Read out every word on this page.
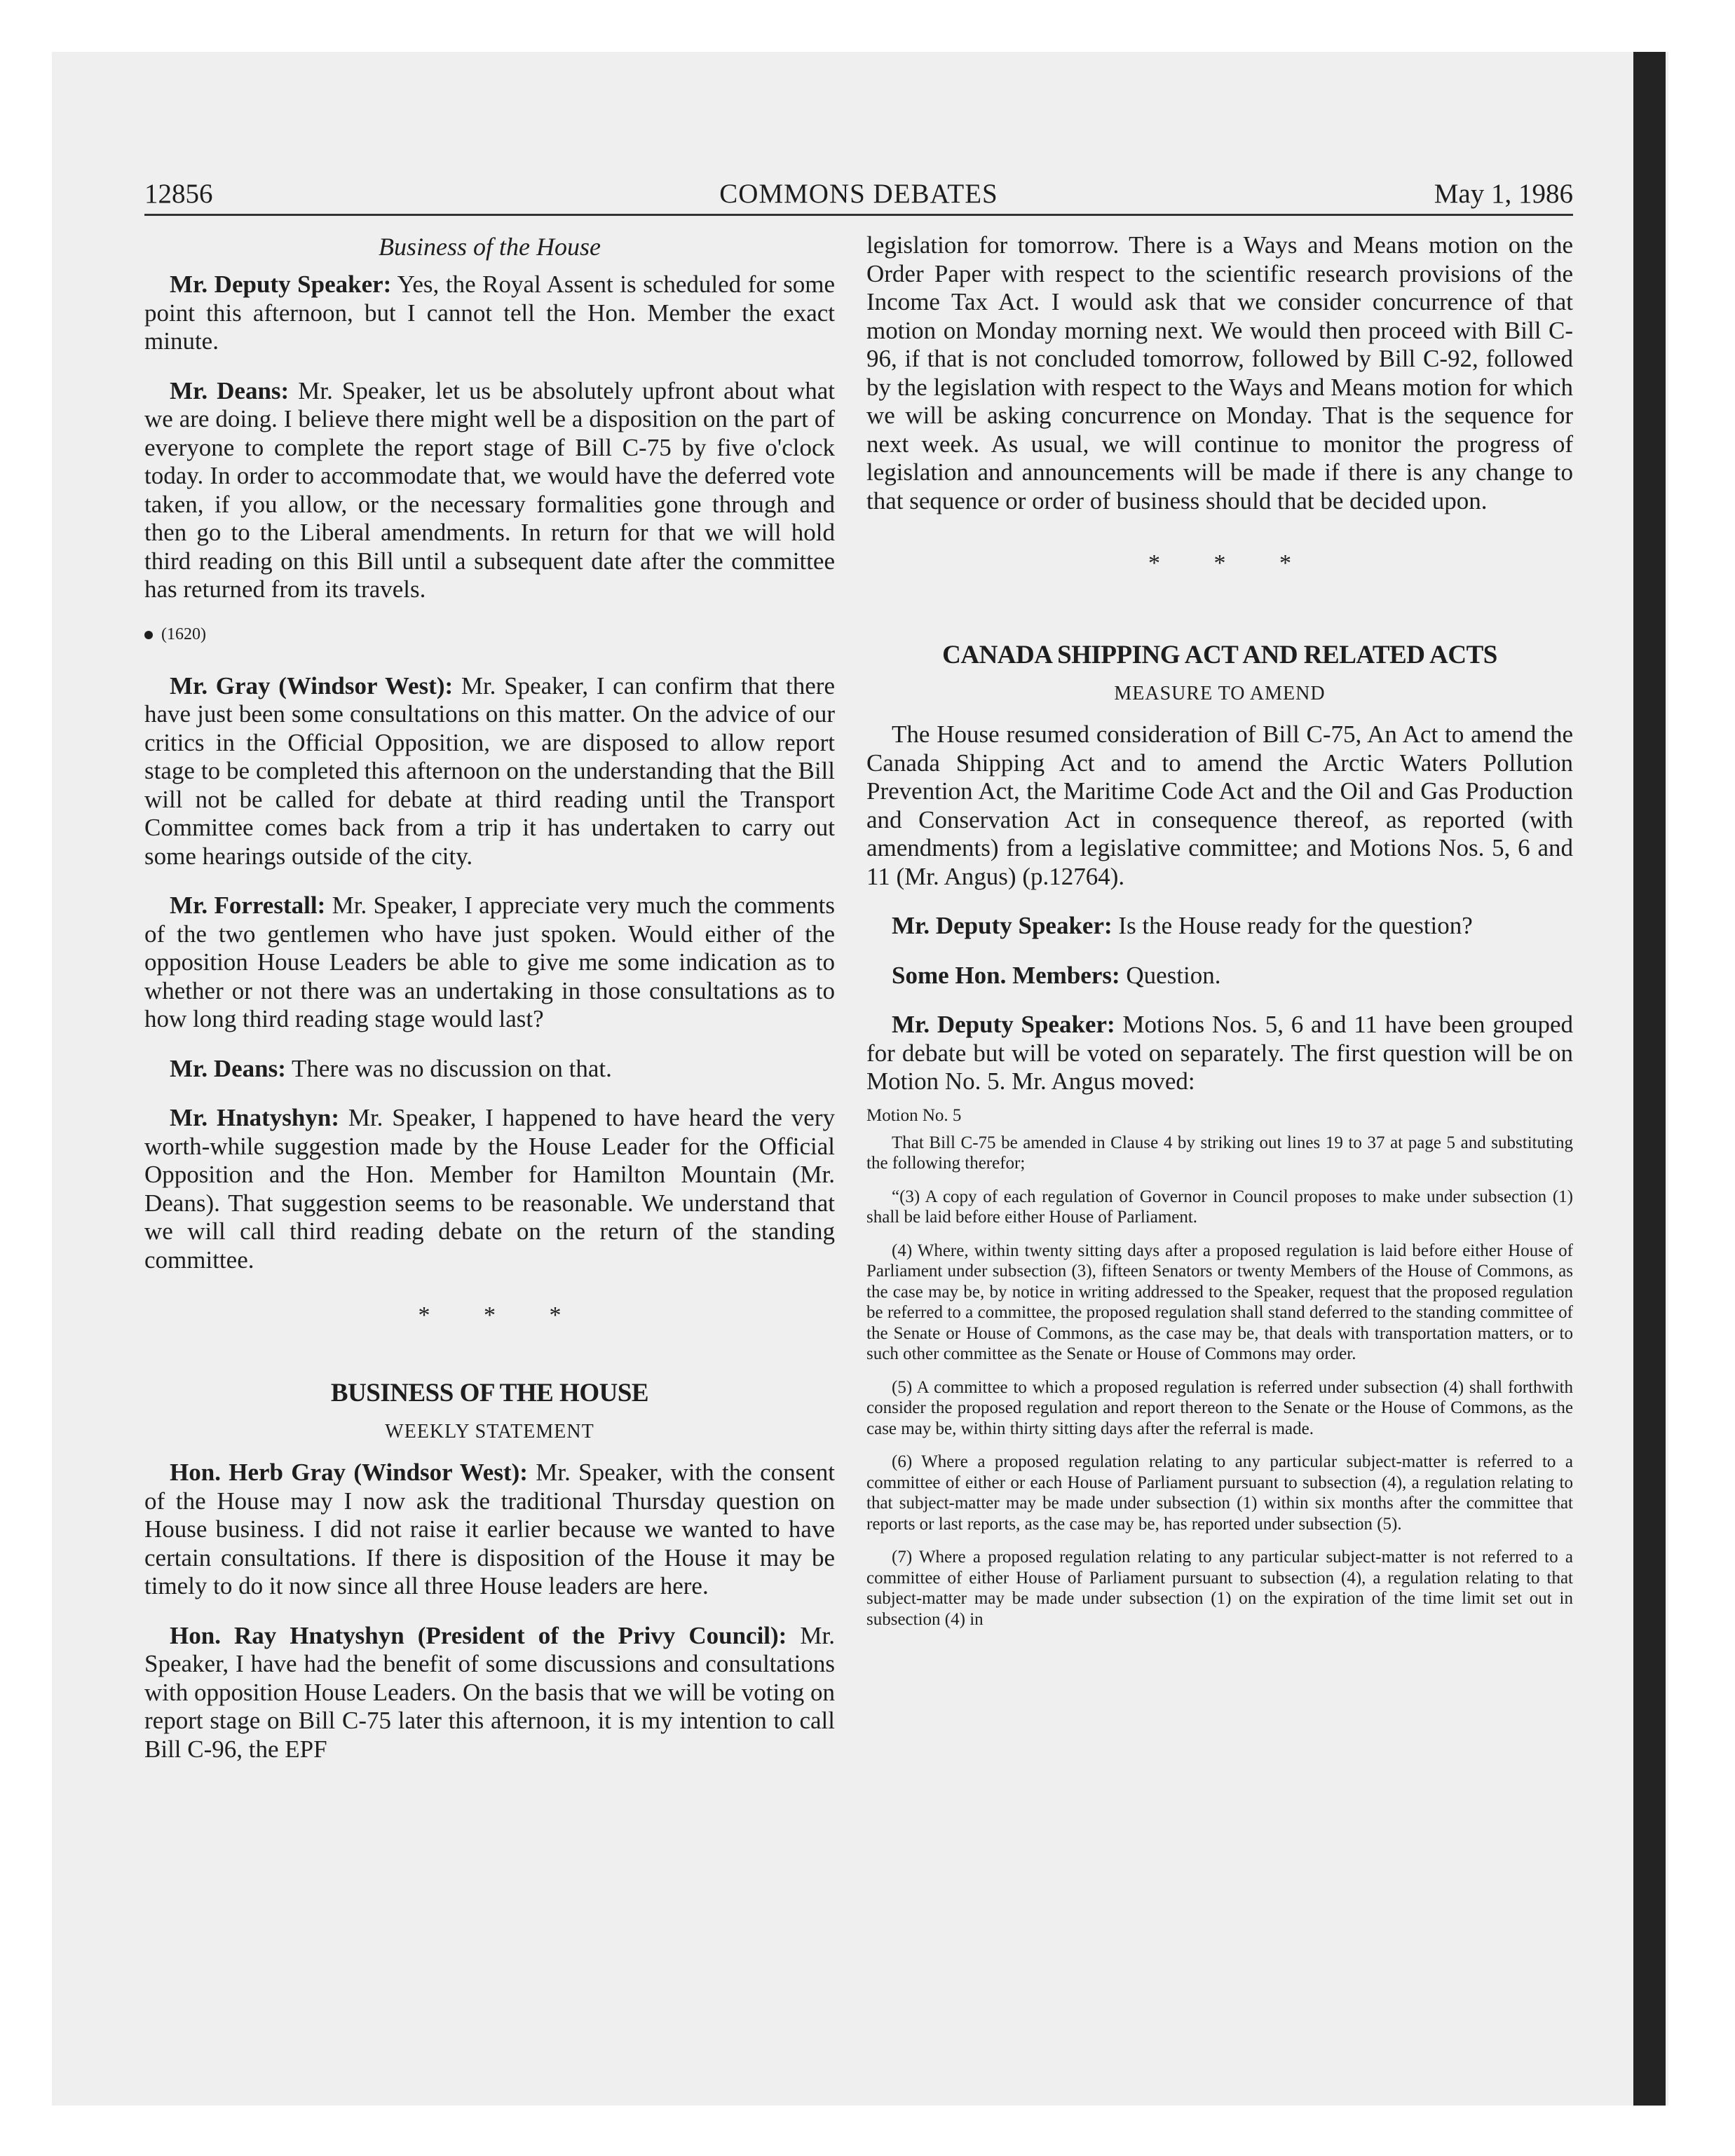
12856	COMMONS DEBATES	May 1, 1986

Business of the House

Mr. Deputy Speaker: Yes, the Royal Assent is scheduled for some point this afternoon, but I cannot tell the Hon. Member the exact minute.

Mr. Deans: Mr. Speaker, let us be absolutely upfront about what we are doing. I believe there might well be a disposition on the part of everyone to complete the report stage of Bill C-75 by five o'clock today. In order to accommodate that, we would have the deferred vote taken, if you allow, or the necessary formalities gone through and then go to the Liberal amendments. In return for that we will hold third reading on this Bill until a subsequent date after the committee has returned from its travels.

(1620)

Mr. Gray (Windsor West): Mr. Speaker, I can confirm that there have just been some consultations on this matter. On the advice of our critics in the Official Opposition, we are disposed to allow report stage to be completed this afternoon on the understanding that the Bill will not be called for debate at third reading until the Transport Committee comes back from a trip it has undertaken to carry out some hearings outside of the city.

Mr. Forrestall: Mr. Speaker, I appreciate very much the comments of the two gentlemen who have just spoken. Would either of the opposition House Leaders be able to give me some indication as to whether or not there was an undertaking in those consultations as to how long third reading stage would last?

Mr. Deans: There was no discussion on that.

Mr. Hnatyshyn: Mr. Speaker, I happened to have heard the very worth-while suggestion made by the House Leader for the Official Opposition and the Hon. Member for Hamilton Mountain (Mr. Deans). That suggestion seems to be reasonable. We understand that we will call third reading debate on the return of the standing committee.

* * *

BUSINESS OF THE HOUSE

WEEKLY STATEMENT

Hon. Herb Gray (Windsor West): Mr. Speaker, with the consent of the House may I now ask the traditional Thursday question on House business. I did not raise it earlier because we wanted to have certain consultations. If there is disposition of the House it may be timely to do it now since all three House leaders are here.

Hon. Ray Hnatyshyn (President of the Privy Council): Mr. Speaker, I have had the benefit of some discussions and consultations with opposition House Leaders. On the basis that we will be voting on report stage on Bill C-75 later this afternoon, it is my intention to call Bill C-96, the EPF

legislation for tomorrow. There is a Ways and Means motion on the Order Paper with respect to the scientific research provisions of the Income Tax Act. I would ask that we consider concurrence of that motion on Monday morning next. We would then proceed with Bill C-96, if that is not concluded tomorrow, followed by Bill C-92, followed by the legislation with respect to the Ways and Means motion for which we will be asking concurrence on Monday. That is the sequence for next week. As usual, we will continue to monitor the progress of legislation and announcements will be made if there is any change to that sequence or order of business should that be decided upon.

* * *

CANADA SHIPPING ACT AND RELATED ACTS

MEASURE TO AMEND

The House resumed consideration of Bill C-75, An Act to amend the Canada Shipping Act and to amend the Arctic Waters Pollution Prevention Act, the Maritime Code Act and the Oil and Gas Production and Conservation Act in consequence thereof, as reported (with amendments) from a legislative committee; and Motions Nos. 5, 6 and 11 (Mr. Angus) (p.12764).

Mr. Deputy Speaker: Is the House ready for the question?

Some Hon. Members: Question.

Mr. Deputy Speaker: Motions Nos. 5, 6 and 11 have been grouped for debate but will be voted on separately. The first question will be on Motion No. 5. Mr. Angus moved:

Motion No. 5

That Bill C-75 be amended in Clause 4 by striking out lines 19 to 37 at page 5 and substituting the following therefor;

“(3) A copy of each regulation of Governor in Council proposes to make under subsection (1) shall be laid before either House of Parliament.

(4) Where, within twenty sitting days after a proposed regulation is laid before either House of Parliament under subsection (3), fifteen Senators or twenty Members of the House of Commons, as the case may be, by notice in writing addressed to the Speaker, request that the proposed regulation be referred to a committee, the proposed regulation shall stand deferred to the standing committee of the Senate or House of Commons, as the case may be, that deals with transportation matters, or to such other committee as the Senate or House of Commons may order.

(5) A committee to which a proposed regulation is referred under subsection (4) shall forthwith consider the proposed regulation and report thereon to the Senate or the House of Commons, as the case may be, within thirty sitting days after the referral is made.

(6) Where a proposed regulation relating to any particular subject-matter is referred to a committee of either or each House of Parliament pursuant to subsection (4), a regulation relating to that subject-matter may be made under subsection (1) within six months after the committee that reports or last reports, as the case may be, has reported under subsection (5).

(7) Where a proposed regulation relating to any particular subject-matter is not referred to a committee of either House of Parliament pursuant to subsection (4), a regulation relating to that subject-matter may be made under subsection (1) on the expiration of the time limit set out in subsection (4) in
